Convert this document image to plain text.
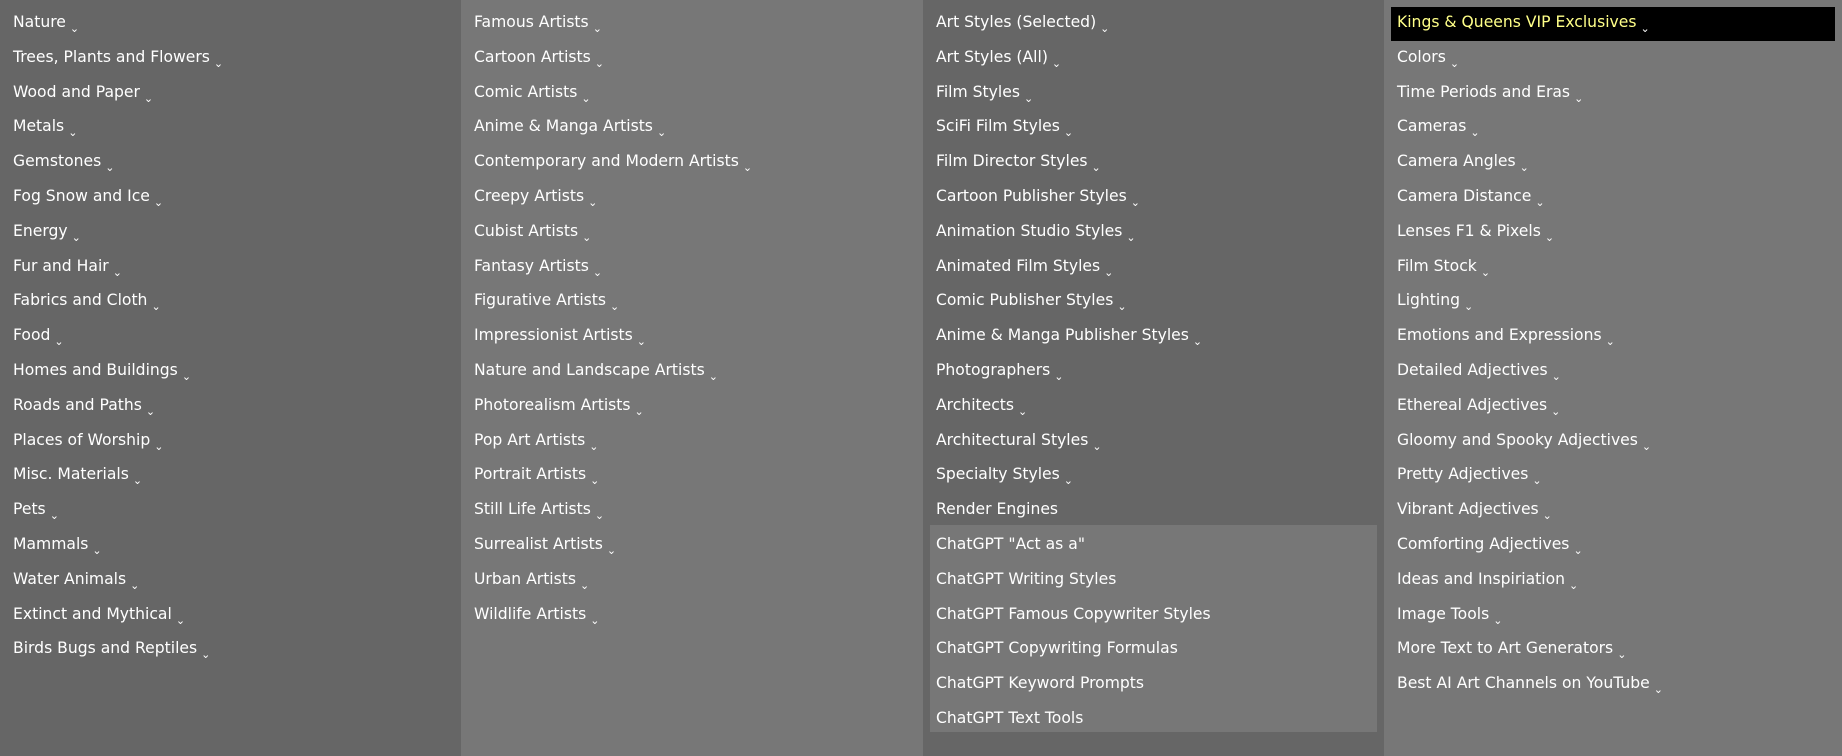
Nature ⌄
Trees, Plants and Flowers ⌄
Wood and Paper ⌄
Metals ⌄
Gemstones ⌄
Fog Snow and Ice ⌄
Energy ⌄
Fur and Hair ⌄
Fabrics and Cloth ⌄
Food ⌄
Homes and Buildings ⌄
Roads and Paths ⌄
Places of Worship ⌄
Misc. Materials ⌄
Pets ⌄
Mammals ⌄
Water Animals ⌄
Extinct and Mythical ⌄
Birds Bugs and Reptiles ⌄
Famous Artists ⌄
Cartoon Artists ⌄
Comic Artists ⌄
Anime & Manga Artists ⌄
Contemporary and Modern Artists ⌄
Creepy Artists ⌄
Cubist Artists ⌄
Fantasy Artists ⌄
Figurative Artists ⌄
Impressionist Artists ⌄
Nature and Landscape Artists ⌄
Photorealism Artists ⌄
Pop Art Artists ⌄
Portrait Artists ⌄
Still Life Artists ⌄
Surrealist Artists ⌄
Urban Artists ⌄
Wildlife Artists ⌄
Art Styles (Selected) ⌄
Art Styles (All) ⌄
Film Styles ⌄
SciFi Film Styles ⌄
Film Director Styles ⌄
Cartoon Publisher Styles ⌄
Animation Studio Styles ⌄
Animated Film Styles ⌄
Comic Publisher Styles ⌄
Anime & Manga Publisher Styles ⌄
Photographers ⌄
Architects ⌄
Architectural Styles ⌄
Specialty Styles ⌄
Render Engines
ChatGPT "Act as a"
ChatGPT Writing Styles
ChatGPT Famous Copywriter Styles
ChatGPT Copywriting Formulas
ChatGPT Keyword Prompts
ChatGPT Text Tools
Kings & Queens VIP Exclusives ⌄
Colors ⌄
Time Periods and Eras ⌄
Cameras ⌄
Camera Angles ⌄
Camera Distance ⌄
Lenses F1 & Pixels ⌄
Film Stock ⌄
Lighting ⌄
Emotions and Expressions ⌄
Detailed Adjectives ⌄
Ethereal Adjectives ⌄
Gloomy and Spooky Adjectives ⌄
Pretty Adjectives ⌄
Vibrant Adjectives ⌄
Comforting Adjectives ⌄
Ideas and Inspiriation ⌄
Image Tools ⌄
More Text to Art Generators ⌄
Best AI Art Channels on YouTube ⌄
